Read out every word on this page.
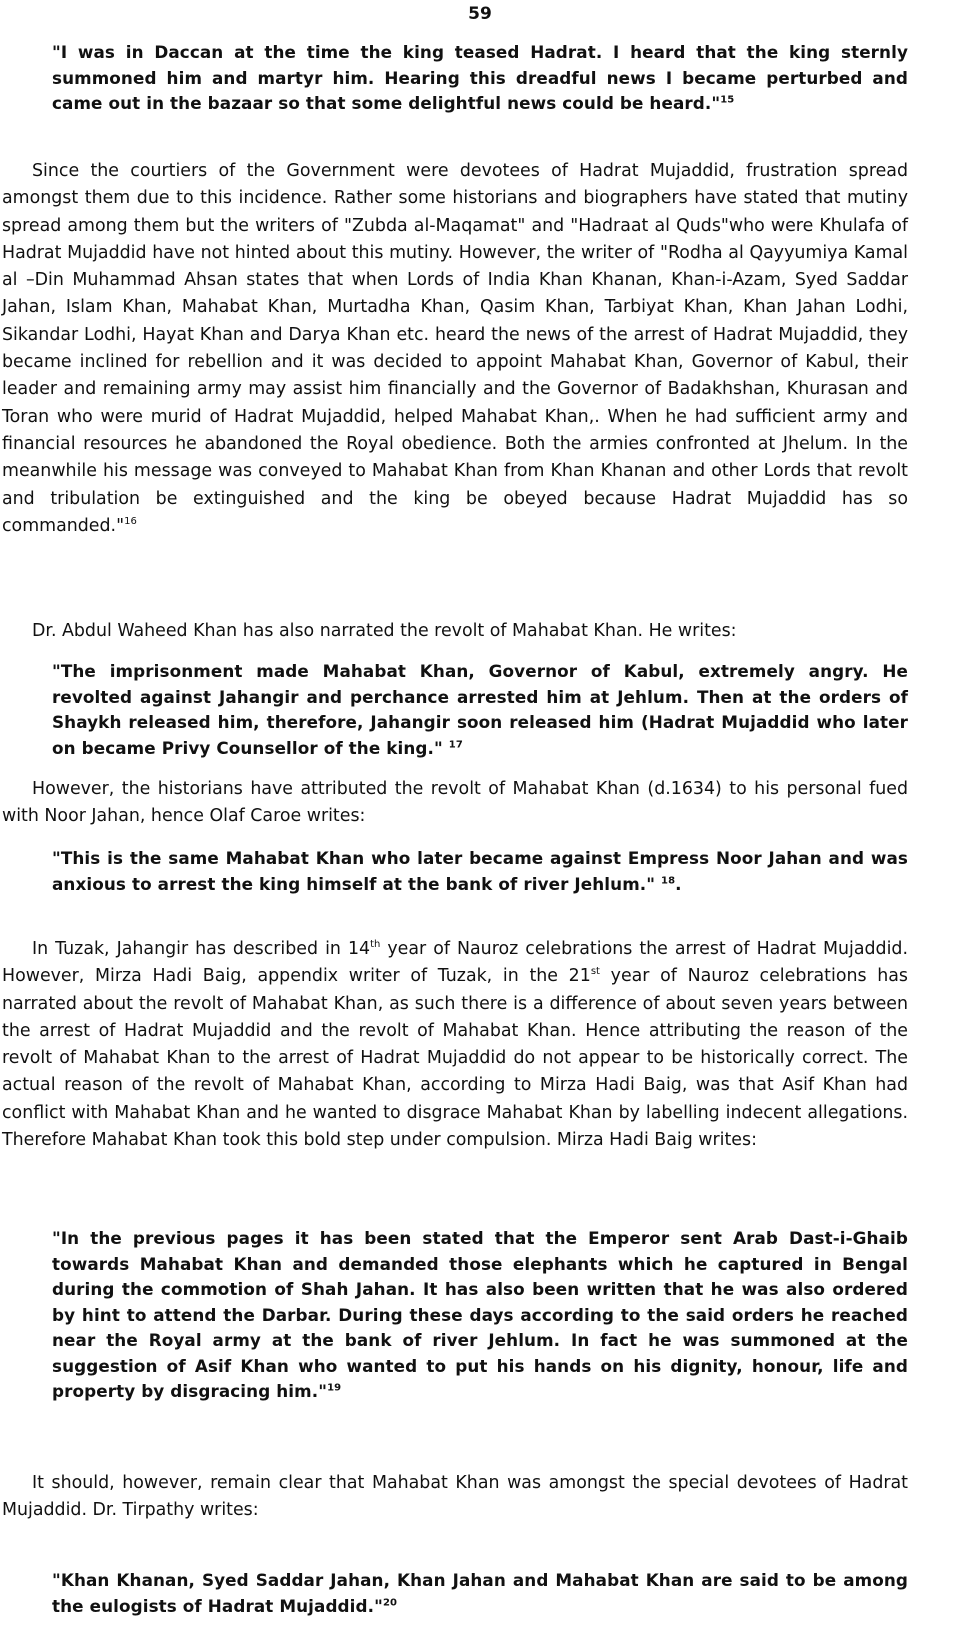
59

"I was in Daccan at the time the king teased Hadrat. I heard that the king sternly summoned him and martyr him. Hearing this dreadful news I became perturbed and came out in the bazaar so that some delightful news could be heard."$^{15}$

Since the courtiers of the Government were devotees of Hadrat Mujaddid, frustration spread amongst them due to this incidence. Rather some historians and biographers have stated that mutiny spread among them but the writers of "Zubda al-Maqamat" and "Hadraat al Quds"who were Khulafa of Hadrat Mujaddid have not hinted about this mutiny. However, the writer of "Rodha al Qayyumiya Kamal al –Din Muhammad Ahsan states that when Lords of India Khan Khanan, Khan-i-Azam, Syed Saddar Jahan, Islam Khan, Mahabat Khan, Murtadha Khan, Qasim Khan, Tarbiyat Khan, Khan Jahan Lodhi, Sikandar Lodhi, Hayat Khan and Darya Khan etc. heard the news of the arrest of Hadrat Mujaddid, they became inclined for rebellion and it was decided to appoint Mahabat Khan, Governor of Kabul, their leader and remaining army may assist him financially and the Governor of Badakhshan, Khurasan and Toran who were murid of Hadrat Mujaddid, helped Mahabat Khan,. When he had sufficient army and financial resources he abandoned the Royal obedience. Both the armies confronted at Jhelum. In the meanwhile his message was conveyed to Mahabat Khan from Khan Khanan and other Lords that revolt and tribulation be extinguished and the king be obeyed because Hadrat Mujaddid has so commanded."$^{16}$

Dr. Abdul Waheed Khan has also narrated the revolt of Mahabat Khan. He writes:

"The imprisonment made Mahabat Khan, Governor of Kabul, extremely angry. He revolted against Jahangir and perchance arrested him at Jehlum. Then at the orders of Shaykh released him, therefore, Jahangir soon released him (Hadrat Mujaddid who later on became Privy Counsellor of the king." $^{17}$

However, the historians have attributed the revolt of Mahabat Khan (d.1634) to his personal fued with Noor Jahan, hence Olaf Caroe writes:

"This is the same Mahabat Khan who later became against Empress Noor Jahan and was anxious to arrest the king himself at the bank of river Jehlum." $^{18}$.

In Tuzak, Jahangir has described in 14th year of Nauroz celebrations the arrest of Hadrat Mujaddid. However, Mirza Hadi Baig, appendix writer of Tuzak, in the 21st year of Nauroz celebrations has narrated about the revolt of Mahabat Khan, as such there is a difference of about seven years between the arrest of Hadrat Mujaddid and the revolt of Mahabat Khan. Hence attributing the reason of the revolt of Mahabat Khan to the arrest of Hadrat Mujaddid do not appear to be historically correct. The actual reason of the revolt of Mahabat Khan, according to Mirza Hadi Baig, was that Asif Khan had conflict with Mahabat Khan and he wanted to disgrace Mahabat Khan by labelling indecent allegations. Therefore Mahabat Khan took this bold step under compulsion. Mirza Hadi Baig writes:

"In the previous pages it has been stated that the Emperor sent Arab Dast-i-Ghaib towards Mahabat Khan and demanded those elephants which he captured in Bengal during the commotion of Shah Jahan. It has also been written that he was also ordered by hint to attend the Darbar. During these days according to the said orders he reached near the Royal army at the bank of river Jehlum. In fact he was summoned at the suggestion of Asif Khan who wanted to put his hands on his dignity, honour, life and property by disgracing him."$^{19}$

It should, however, remain clear that Mahabat Khan was amongst the special devotees of Hadrat Mujaddid. Dr. Tirpathy writes:

"Khan Khanan, Syed Saddar Jahan, Khan Jahan and Mahabat Khan are said to be among the eulogists of Hadrat Mujaddid."$^{20}$
